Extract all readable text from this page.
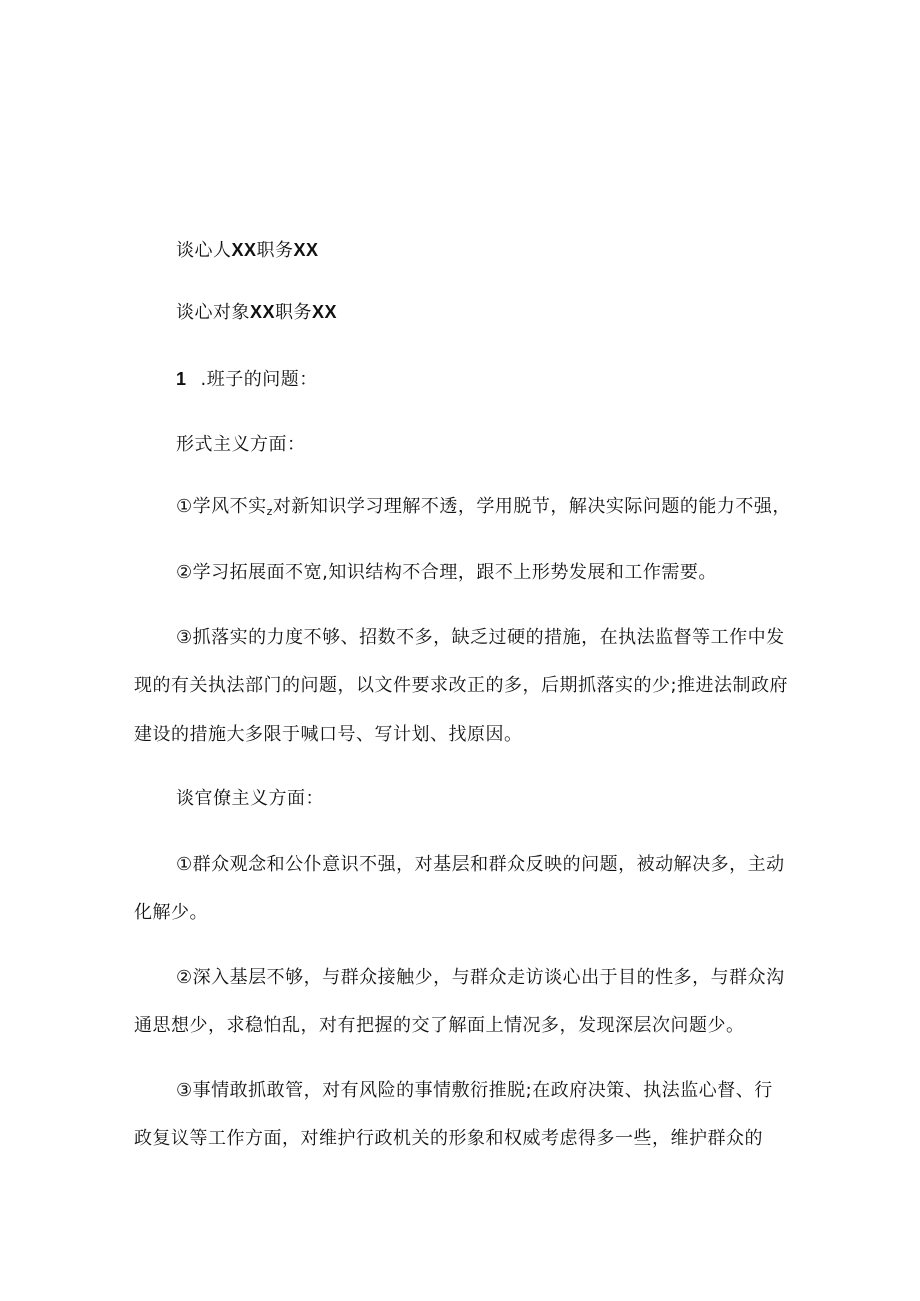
谈心人XX职务XX
谈心对象XX职务XX
1 .班子的问题：
形式主义方面：
①学风不实$_z$对新知识学习理解不透，学用脱节，解决实际问题的能力不强，
②学习拓展面不宽,知识结构不合理，跟不上形势发展和工作需要。
③抓落实的力度不够、招数不多，缺乏过硬的措施，在执法监督等工作中发
现的有关执法部门的问题，以文件要求改正的多，后期抓落实的少;推进法制政府
建设的措施大多限于喊口号、写计划、找原因。
谈官僚主义方面：
①群众观念和公仆意识不强，对基层和群众反映的问题，被动解决多，主动
化解少。
②深入基层不够，与群众接触少，与群众走访谈心出于目的性多，与群众沟
通思想少，求稳怕乱，对有把握的交了解面上情况多，发现深层次问题少。
③事情敢抓敢管，对有风险的事情敷衍推脱;在政府决策、执法监心督、行
政复议等工作方面，对维护行政机关的形象和权威考虑得多一些，维护群众的
